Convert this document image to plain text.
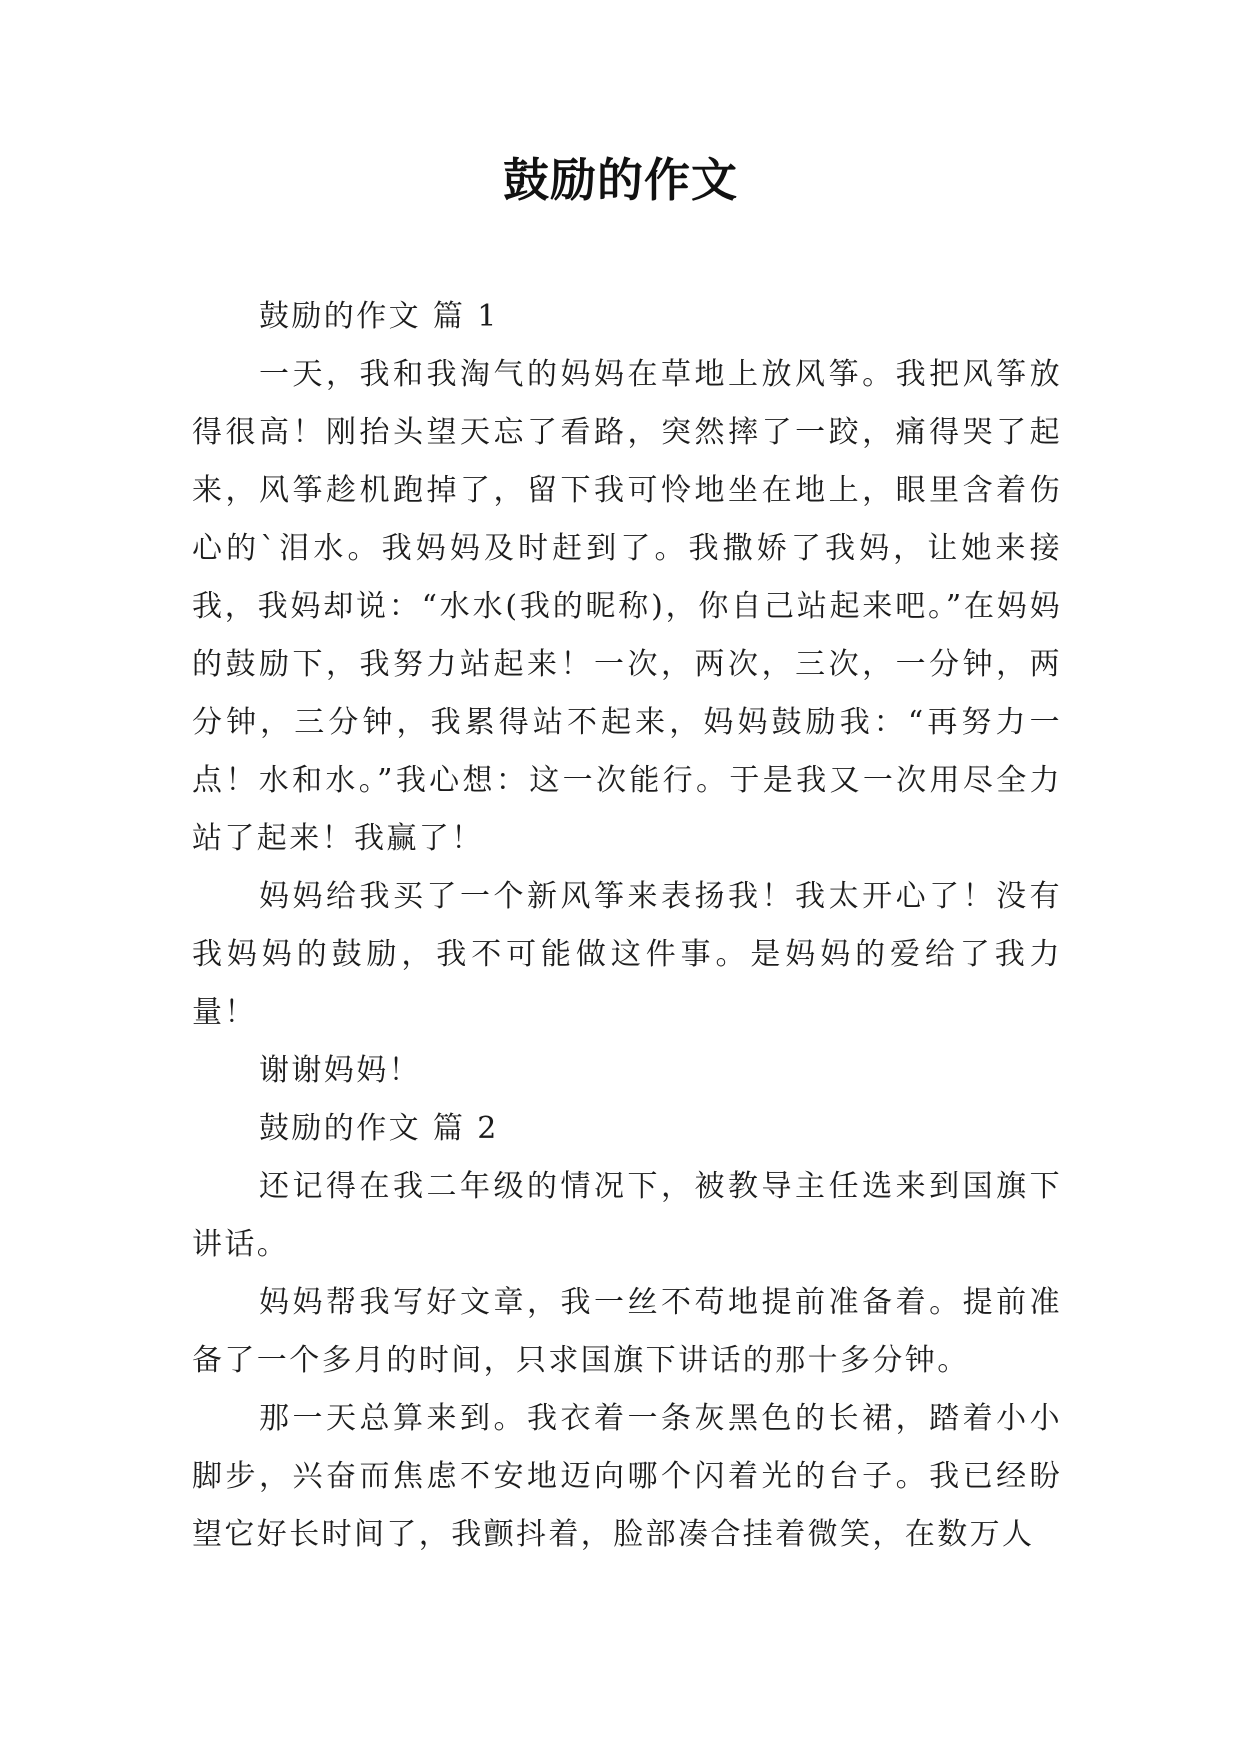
鼓励的作文

鼓励的作文 篇 1

一天，我和我淘气的妈妈在草地上放风筝。我把风筝放得很高！刚抬头望天忘了看路，突然摔了一跤，痛得哭了起来，风筝趁机跑掉了，留下我可怜地坐在地上，眼里含着伤心的`泪水。我妈妈及时赶到了。我撒娇了我妈，让她来接我，我妈却说：“水水(我的昵称)，你自己站起来吧。”在妈妈的鼓励下，我努力站起来！一次，两次，三次，一分钟，两分钟，三分钟，我累得站不起来，妈妈鼓励我：“再努力一点！水和水。”我心想：这一次能行。于是我又一次用尽全力站了起来！我赢了！

妈妈给我买了一个新风筝来表扬我！我太开心了！没有我妈妈的鼓励，我不可能做这件事。是妈妈的爱给了我力量！

谢谢妈妈！

鼓励的作文 篇 2

还记得在我二年级的情况下，被教导主任选来到国旗下讲话。

妈妈帮我写好文章，我一丝不苟地提前准备着。提前准备了一个多月的时间，只求国旗下讲话的那十多分钟。

那一天总算来到。我衣着一条灰黑色的长裙，踏着小小脚步，兴奋而焦虑不安地迈向哪个闪着光的台子。我已经盼望它好长时间了，我颤抖着，脸部凑合挂着微笑，在数万人
